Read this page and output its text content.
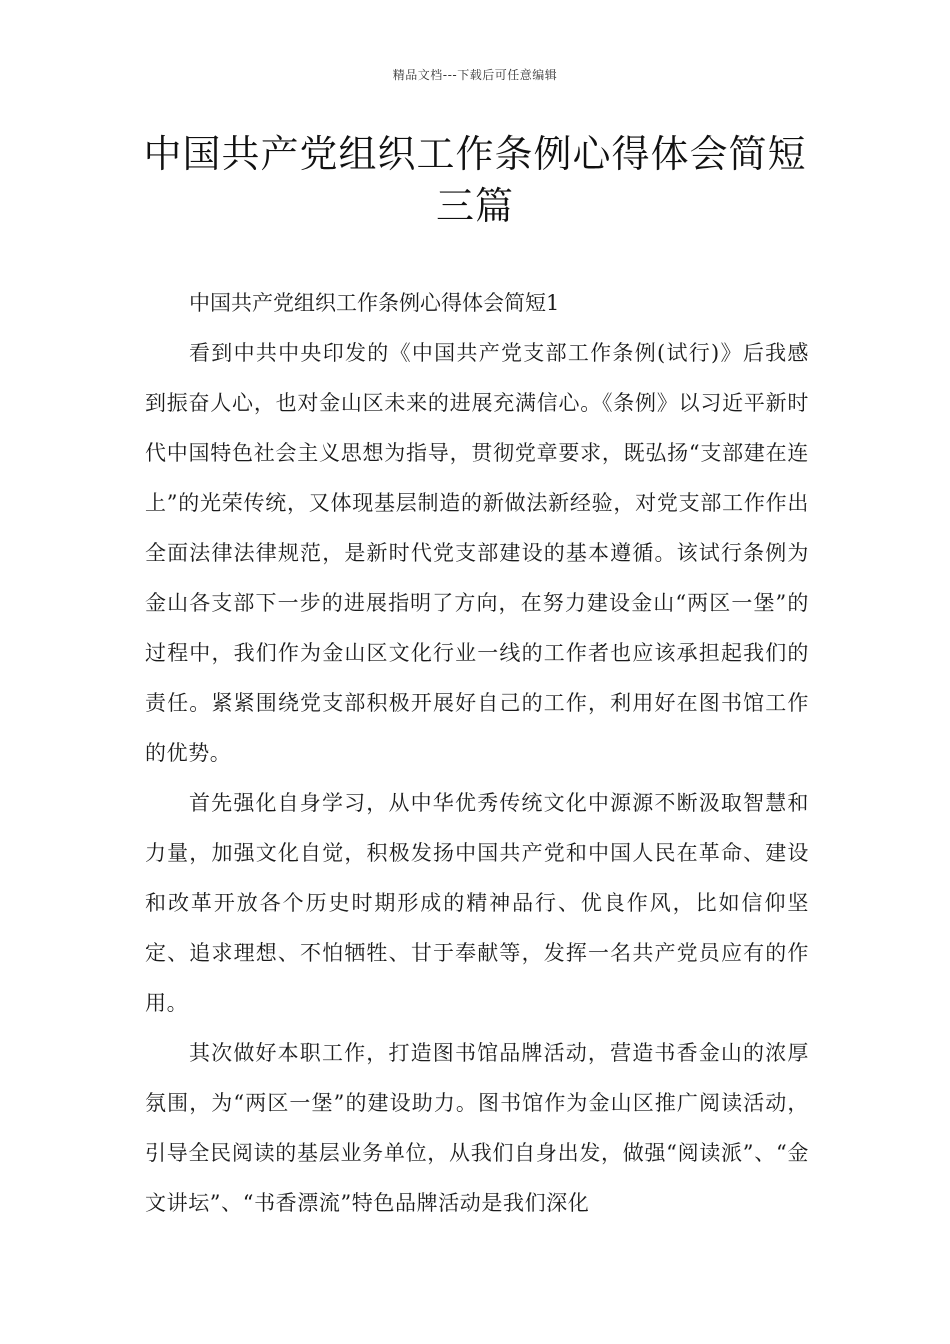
精品文档---下载后可任意编辑
中国共产党组织工作条例心得体会简短三篇
中国共产党组织工作条例心得体会简短1

看到中共中央印发的《中国共产党支部工作条例(试行)》后我感到振奋人心，也对金山区未来的进展充满信心。《条例》以习近平新时代中国特色社会主义思想为指导，贯彻党章要求，既弘扬“支部建在连上”的光荣传统，又体现基层制造的新做法新经验，对党支部工作作出全面法律法律规范，是新时代党支部建设的基本遵循。该试行条例为金山各支部下一步的进展指明了方向，在努力建设金山“两区一堡”的过程中，我们作为金山区文化行业一线的工作者也应该承担起我们的责任。紧紧围绕党支部积极开展好自己的工作，利用好在图书馆工作的优势。

首先强化自身学习，从中华优秀传统文化中源源不断汲取智慧和力量，加强文化自觉，积极发扬中国共产党和中国人民在革命、建设和改革开放各个历史时期形成的精神品行、优良作风，比如信仰坚定、追求理想、不怕牺牲、甘于奉献等，发挥一名共产党员应有的作用。

其次做好本职工作，打造图书馆品牌活动，营造书香金山的浓厚氛围，为“两区一堡”的建设助力。图书馆作为金山区推广阅读活动，引导全民阅读的基层业务单位，从我们自身出发，做强“阅读派”、“金文讲坛”、“书香漂流”特色品牌活动是我们深化
